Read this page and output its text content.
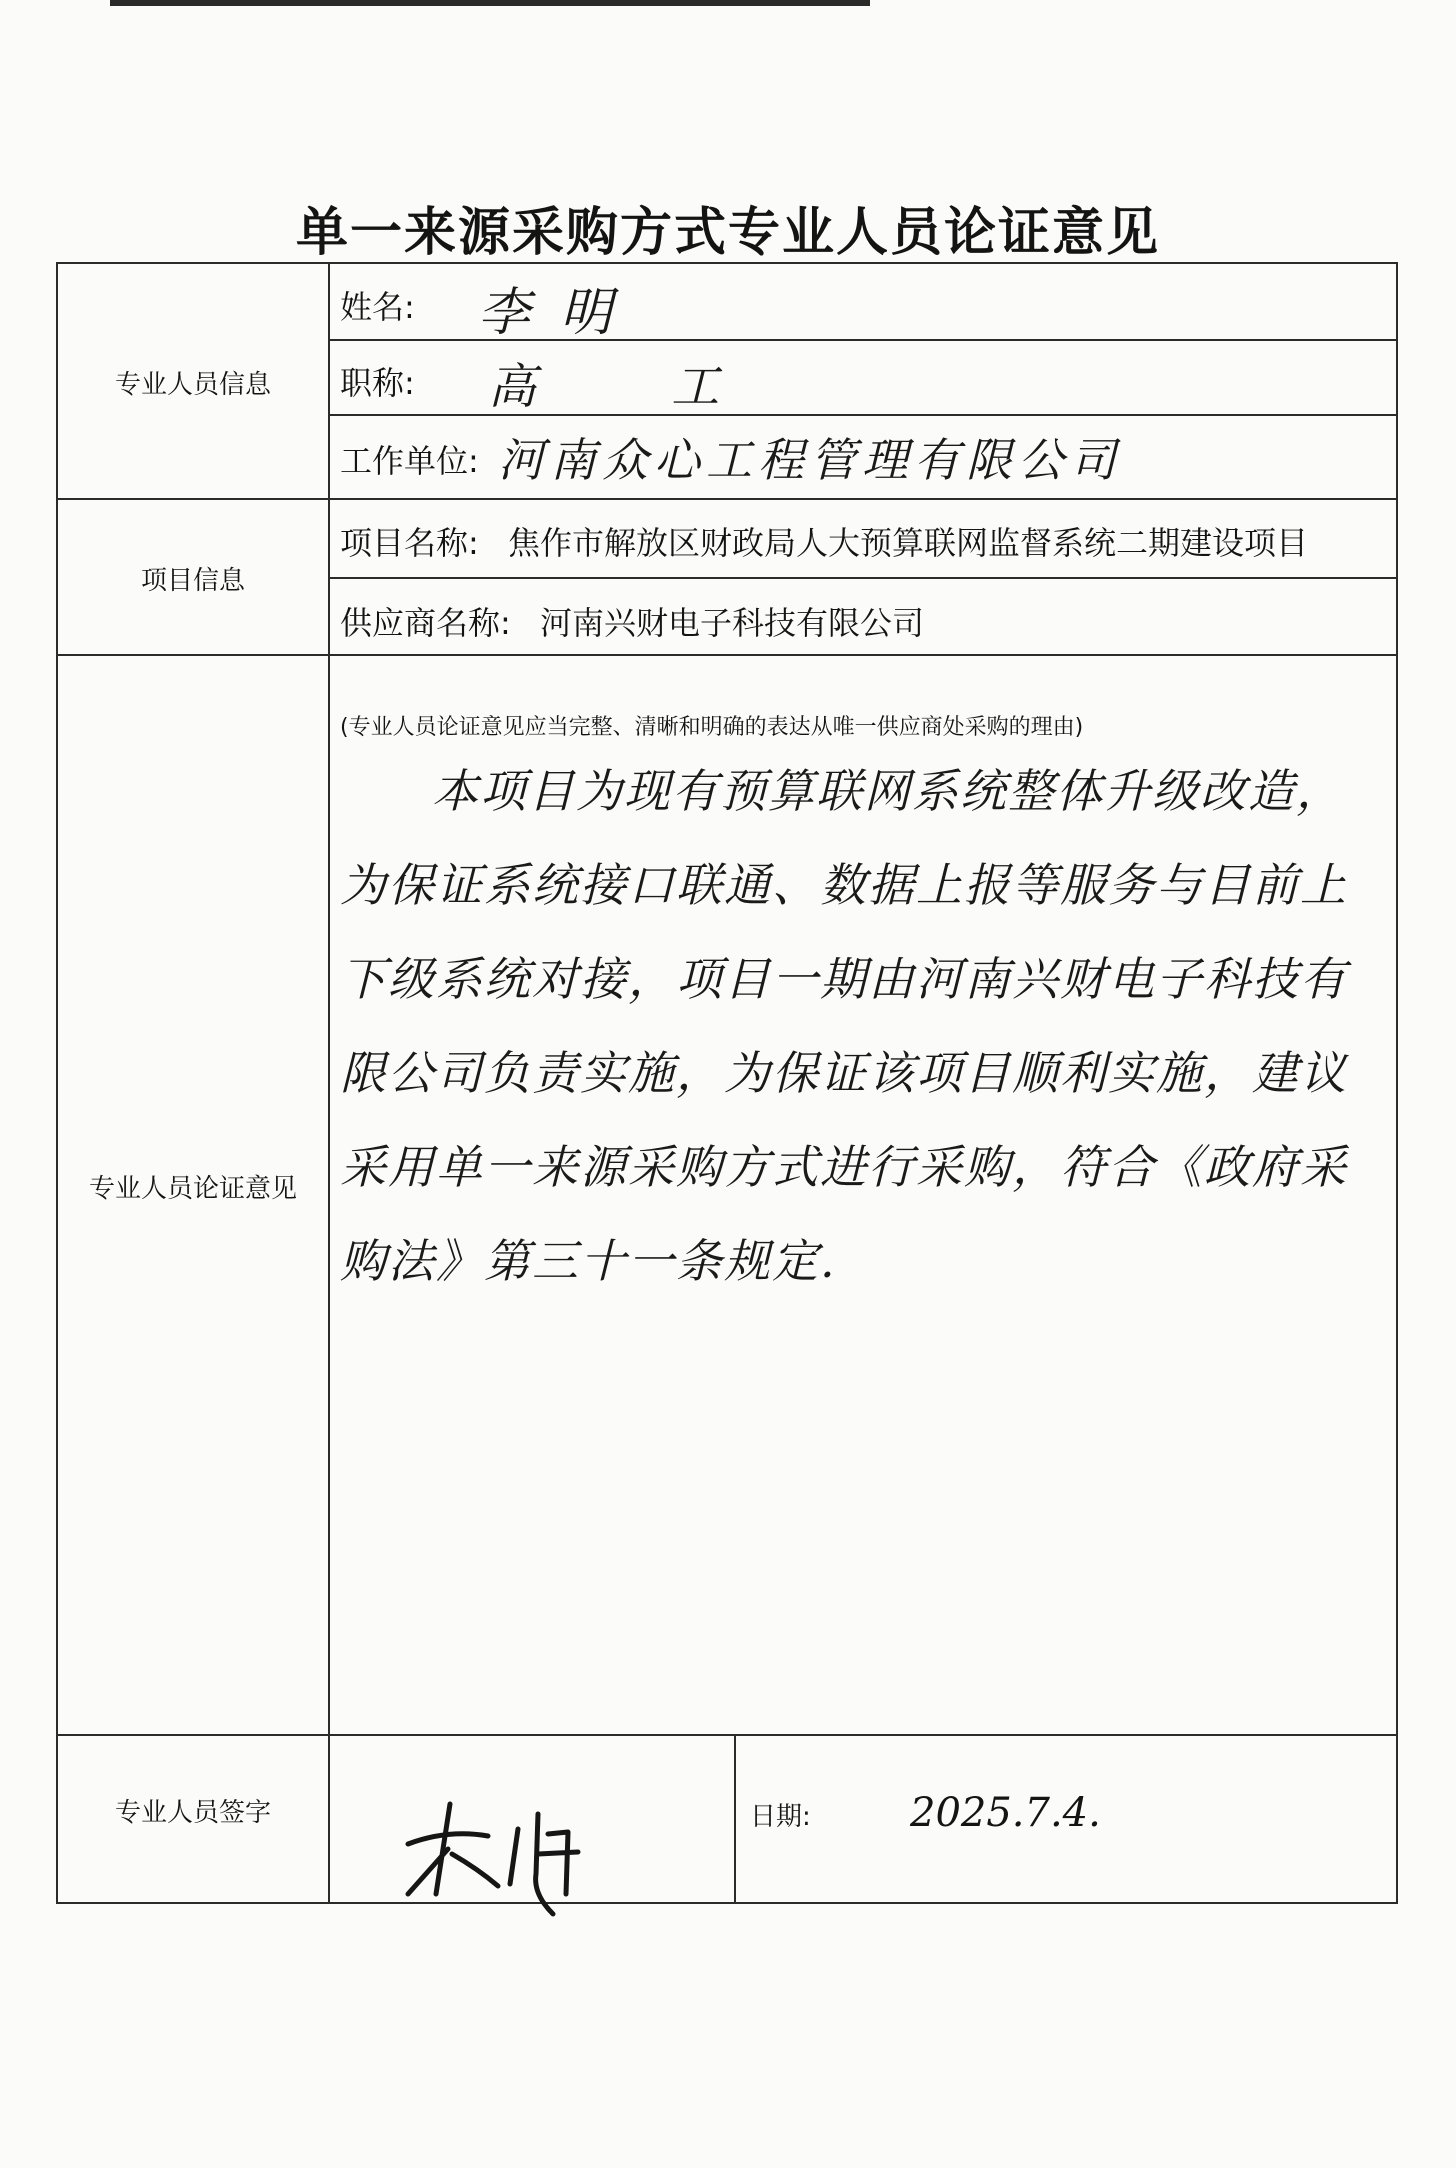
单一来源采购方式专业人员论证意见
专业人员信息
姓名: 李明
职称: 高 工
工作单位: 河南众心工程管理有限公司
项目信息
项目名称: 焦作市解放区财政局人大预算联网监督系统二期建设项目
供应商名称: 河南兴财电子科技有限公司
专业人员论证意见
(专业人员论证意见应当完整、清晰和明确的表达从唯一供应商处采购的理由)
本项目为现有预算联网系统整体升级改造，为保证系统接口联通、数据上报等服务与目前上下级系统对接，项目一期由河南兴财电子科技有限公司负责实施，为保证该项目顺利实施，建议采用单一来源采购方式进行采购，符合《政府采购法》第三十一条规定.
专业人员签字	日期: 2025.7.4.
